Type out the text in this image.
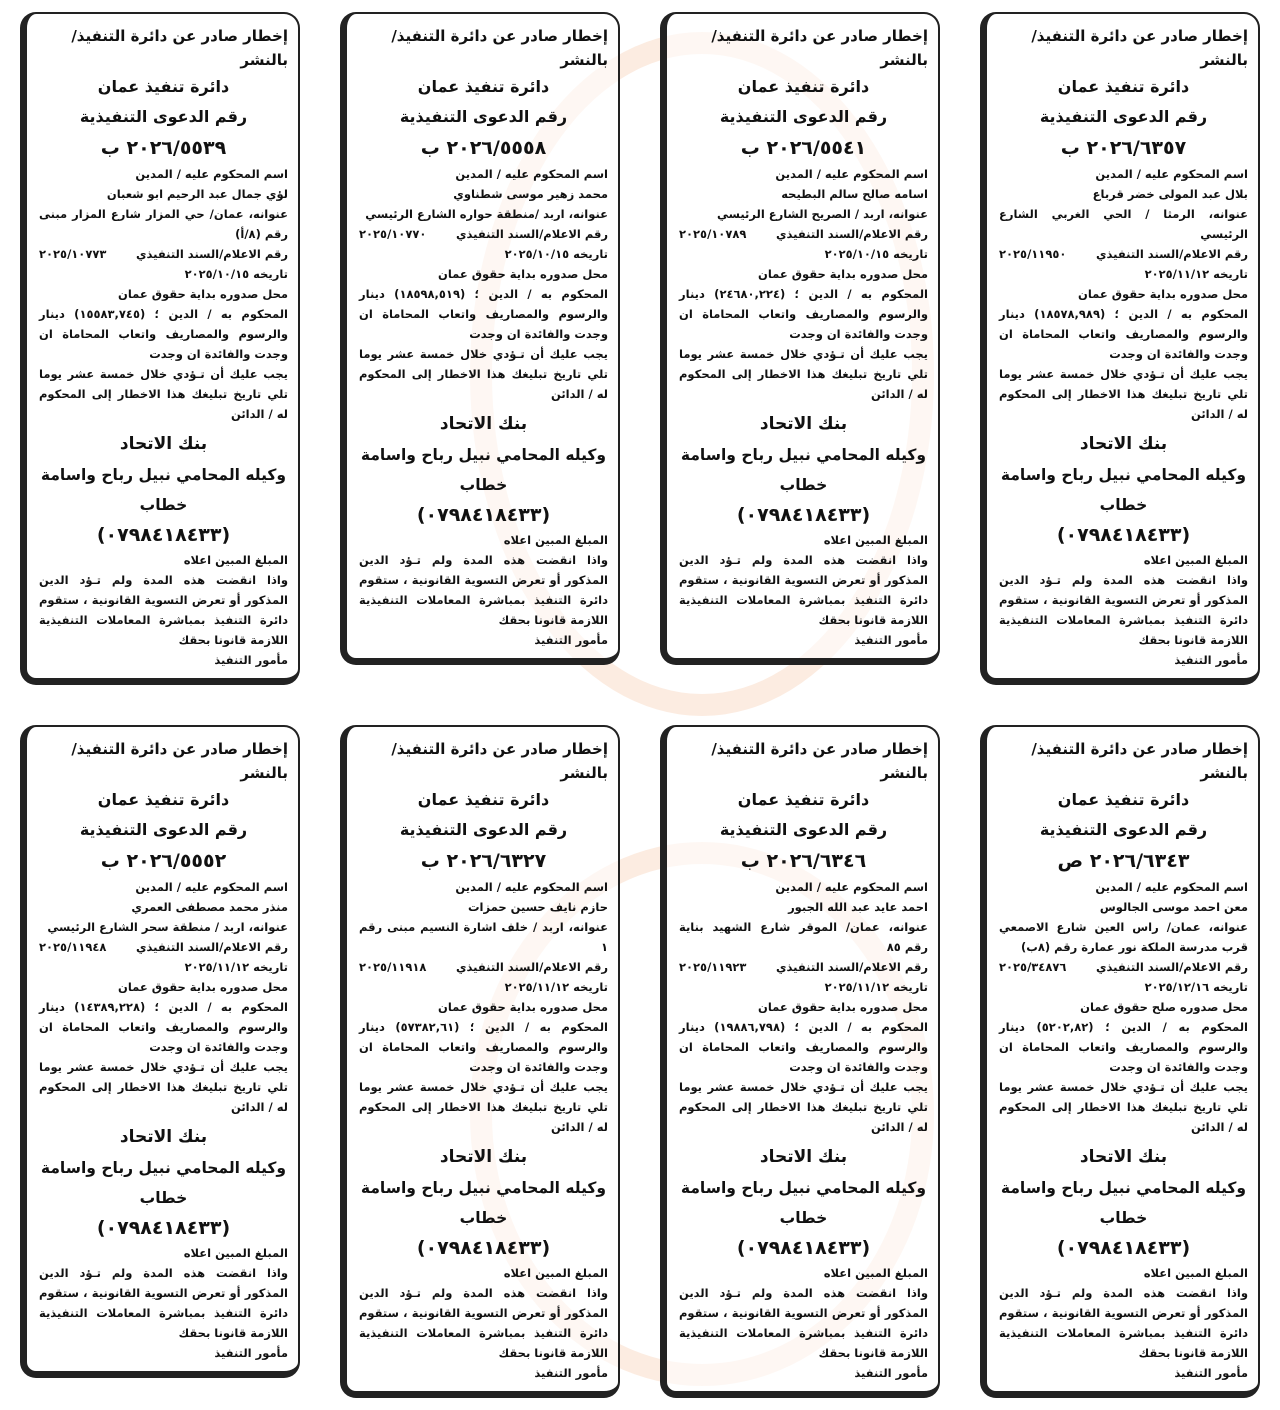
إخطار صادر عن دائرة التنفيذ/ بالنشر
دائرة تنفيذ عمان
رقم الدعوى التنفيذية
٢٠٢٦/٦٣٥٧ ب
اسم المحكوم عليه / المدين
بلال عبد المولى خضر قرباع
عنوانه، الرمثا / الحي الغربي الشارع الرئيسي
رقم الاعلام/السند التنفيذي
٢٠٢٥/١١٩٥٠
تاريخه ٢٠٢٥/١١/١٢
محل صدوره بداية حقوق عمان
المحكوم به / الدين ؛ (١٨٥٧٨,٩٨٩) دينار والرسوم والمصاريف واتعاب المحاماة ان وجدت والفائدة ان وجدت
يجب عليك أن تـؤدي خلال خمسة عشر يوما تلي تاريخ تبليغك هذا الاخطار إلى المحكوم له / الدائن
بنك الاتحاد
وكيله المحامي نبيل رباح واسامة خطاب
(٠٧٩٨٤١٨٤٣٣)
المبلغ المبين اعلاه
واذا انقضت هذه المدة ولم تـؤد الدين المذكور أو تعرض التسوية القانونية ، ستقوم دائرة التنفيذ بمباشرة المعاملات التنفيذية اللازمة قانونا بحقك
مأمور التنفيذ
إخطار صادر عن دائرة التنفيذ/ بالنشر
دائرة تنفيذ عمان
رقم الدعوى التنفيذية
٢٠٢٦/٥٥٤١ ب
اسم المحكوم عليه / المدين
اسامه صالح سالم البطيحه
عنوانه، اربد / الصريح الشارع الرئيسي
رقم الاعلام/السند التنفيذي
٢٠٢٥/١٠٧٨٩
تاريخه ٢٠٢٥/١٠/١٥
محل صدوره بداية حقوق عمان
المحكوم به / الدين ؛ (٢٤٦٨٠,٢٢٤) دينار والرسوم والمصاريف واتعاب المحاماة ان وجدت والفائدة ان وجدت
يجب عليك أن تـؤدي خلال خمسة عشر يوما تلي تاريخ تبليغك هذا الاخطار إلى المحكوم له / الدائن
بنك الاتحاد
وكيله المحامي نبيل رباح واسامة خطاب
(٠٧٩٨٤١٨٤٣٣)
المبلغ المبين اعلاه
واذا انقضت هذه المدة ولم تـؤد الدين المذكور أو تعرض التسوية القانونية ، ستقوم دائرة التنفيذ بمباشرة المعاملات التنفيذية اللازمة قانونا بحقك
مأمور التنفيذ
إخطار صادر عن دائرة التنفيذ/ بالنشر
دائرة تنفيذ عمان
رقم الدعوى التنفيذية
٢٠٢٦/٥٥٥٨ ب
اسم المحكوم عليه / المدين
محمد زهير موسى شطناوي
عنوانه، اربد /منطقة حواره الشارع الرئيسي
رقم الاعلام/السند التنفيذي
٢٠٢٥/١٠٧٧٠
تاريخه ٢٠٢٥/١٠/١٥
محل صدوره بداية حقوق عمان
المحكوم به / الدين ؛ (١٨٥٩٨,٥١٩) دينار والرسوم والمصاريف واتعاب المحاماة ان وجدت والفائدة ان وجدت
يجب عليك أن تـؤدي خلال خمسة عشر يوما تلي تاريخ تبليغك هذا الاخطار إلى المحكوم له / الدائن
بنك الاتحاد
وكيله المحامي نبيل رباح واسامة خطاب
(٠٧٩٨٤١٨٤٣٣)
المبلغ المبين اعلاه
واذا انقضت هذه المدة ولم تـؤد الدين المذكور أو تعرض التسوية القانونية ، ستقوم دائرة التنفيذ بمباشرة المعاملات التنفيذية اللازمة قانونا بحقك
مأمور التنفيذ
إخطار صادر عن دائرة التنفيذ/ بالنشر
دائرة تنفيذ عمان
رقم الدعوى التنفيذية
٢٠٢٦/٥٥٣٩ ب
اسم المحكوم عليه / المدين
لؤي جمال عبد الرحيم ابو شعبان
عنوانه، عمان/ حي المزار شارع المزار مبنى رقم (٨/أ)
رقم الاعلام/السند التنفيذي
٢٠٢٥/١٠٧٧٣
تاريخه ٢٠٢٥/١٠/١٥
محل صدوره بداية حقوق عمان
المحكوم به / الدين ؛ (١٥٥٨٣,٧٤٥) دينار والرسوم والمصاريف واتعاب المحاماة ان وجدت والفائدة ان وجدت
يجب عليك أن تـؤدي خلال خمسة عشر يوما تلي تاريخ تبليغك هذا الاخطار إلى المحكوم له / الدائن
بنك الاتحاد
وكيله المحامي نبيل رباح واسامة خطاب
(٠٧٩٨٤١٨٤٣٣)
المبلغ المبين اعلاه
واذا انقضت هذه المدة ولم تـؤد الدين المذكور أو تعرض التسوية القانونية ، ستقوم دائرة التنفيذ بمباشرة المعاملات التنفيذية اللازمة قانونا بحقك
مأمور التنفيذ
إخطار صادر عن دائرة التنفيذ/ بالنشر
دائرة تنفيذ عمان
رقم الدعوى التنفيذية
٢٠٢٦/٦٣٤٣ ص
اسم المحكوم عليه / المدين
معن احمد موسى الجالوس
عنوانه، عمان/ راس العين شارع الاصمعي قرب مدرسة الملكة نور عمارة رقم (٨ب)
رقم الاعلام/السند التنفيذي
٢٠٢٥/٣٤٨٧٦
تاريخه ٢٠٢٥/١٢/١٦
محل صدوره صلح حقوق عمان
المحكوم به / الدين ؛ (٥٢٠٢,٨٢) دينار والرسوم والمصاريف واتعاب المحاماة ان وجدت والفائدة ان وجدت
يجب عليك أن تـؤدي خلال خمسة عشر يوما تلي تاريخ تبليغك هذا الاخطار إلى المحكوم له / الدائن
بنك الاتحاد
وكيله المحامي نبيل رباح واسامة خطاب
(٠٧٩٨٤١٨٤٣٣)
المبلغ المبين اعلاه
واذا انقضت هذه المدة ولم تـؤد الدين المذكور أو تعرض التسوية القانونية ، ستقوم دائرة التنفيذ بمباشرة المعاملات التنفيذية اللازمة قانونا بحقك
مأمور التنفيذ
إخطار صادر عن دائرة التنفيذ/ بالنشر
دائرة تنفيذ عمان
رقم الدعوى التنفيذية
٢٠٢٦/٦٣٤٦ ب
اسم المحكوم عليه / المدين
احمد عايد عبد الله الجبور
عنوانه، عمان/ الموقر شارع الشهيد بناية رقم ٨٥
رقم الاعلام/السند التنفيذي
٢٠٢٥/١١٩٢٣
تاريخه ٢٠٢٥/١١/١٢
محل صدوره بداية حقوق عمان
المحكوم به / الدين ؛ (١٩٨٨٦,٧٩٨) دينار والرسوم والمصاريف واتعاب المحاماة ان وجدت والفائدة ان وجدت
يجب عليك أن تـؤدي خلال خمسة عشر يوما تلي تاريخ تبليغك هذا الاخطار إلى المحكوم له / الدائن
بنك الاتحاد
وكيله المحامي نبيل رباح واسامة خطاب
(٠٧٩٨٤١٨٤٣٣)
المبلغ المبين اعلاه
واذا انقضت هذه المدة ولم تـؤد الدين المذكور أو تعرض التسوية القانونية ، ستقوم دائرة التنفيذ بمباشرة المعاملات التنفيذية اللازمة قانونا بحقك
مأمور التنفيذ
إخطار صادر عن دائرة التنفيذ/ بالنشر
دائرة تنفيذ عمان
رقم الدعوى التنفيذية
٢٠٢٦/٦٣٢٧ ب
اسم المحكوم عليه / المدين
حازم نايف حسين حمزات
عنوانه، اربد / خلف اشارة النسيم مبنى رقم ١
رقم الاعلام/السند التنفيذي
٢٠٢٥/١١٩١٨
تاريخه ٢٠٢٥/١١/١٢
محل صدوره بداية حقوق عمان
المحكوم به / الدين ؛ (٥٧٣٨٢,٦١) دينار والرسوم والمصاريف واتعاب المحاماة ان وجدت والفائدة ان وجدت
يجب عليك أن تـؤدي خلال خمسة عشر يوما تلي تاريخ تبليغك هذا الاخطار إلى المحكوم له / الدائن
بنك الاتحاد
وكيله المحامي نبيل رباح واسامة خطاب
(٠٧٩٨٤١٨٤٣٣)
المبلغ المبين اعلاه
واذا انقضت هذه المدة ولم تـؤد الدين المذكور أو تعرض التسوية القانونية ، ستقوم دائرة التنفيذ بمباشرة المعاملات التنفيذية اللازمة قانونا بحقك
مأمور التنفيذ
إخطار صادر عن دائرة التنفيذ/ بالنشر
دائرة تنفيذ عمان
رقم الدعوى التنفيذية
٢٠٢٦/٥٥٥٢ ب
اسم المحكوم عليه / المدين
منذر محمد مصطفى العمري
عنوانه، اربد / منطقة سحر الشارع الرئيسي
رقم الاعلام/السند التنفيذي
٢٠٢٥/١١٩٤٨
تاريخه ٢٠٢٥/١١/١٢
محل صدوره بداية حقوق عمان
المحكوم به / الدين ؛ (١٤٣٨٩,٢٢٨) دينار والرسوم والمصاريف واتعاب المحاماة ان وجدت والفائدة ان وجدت
يجب عليك أن تـؤدي خلال خمسة عشر يوما تلي تاريخ تبليغك هذا الاخطار إلى المحكوم له / الدائن
بنك الاتحاد
وكيله المحامي نبيل رباح واسامة خطاب
(٠٧٩٨٤١٨٤٣٣)
المبلغ المبين اعلاه
واذا انقضت هذه المدة ولم تـؤد الدين المذكور أو تعرض التسوية القانونية ، ستقوم دائرة التنفيذ بمباشرة المعاملات التنفيذية اللازمة قانونا بحقك
مأمور التنفيذ
